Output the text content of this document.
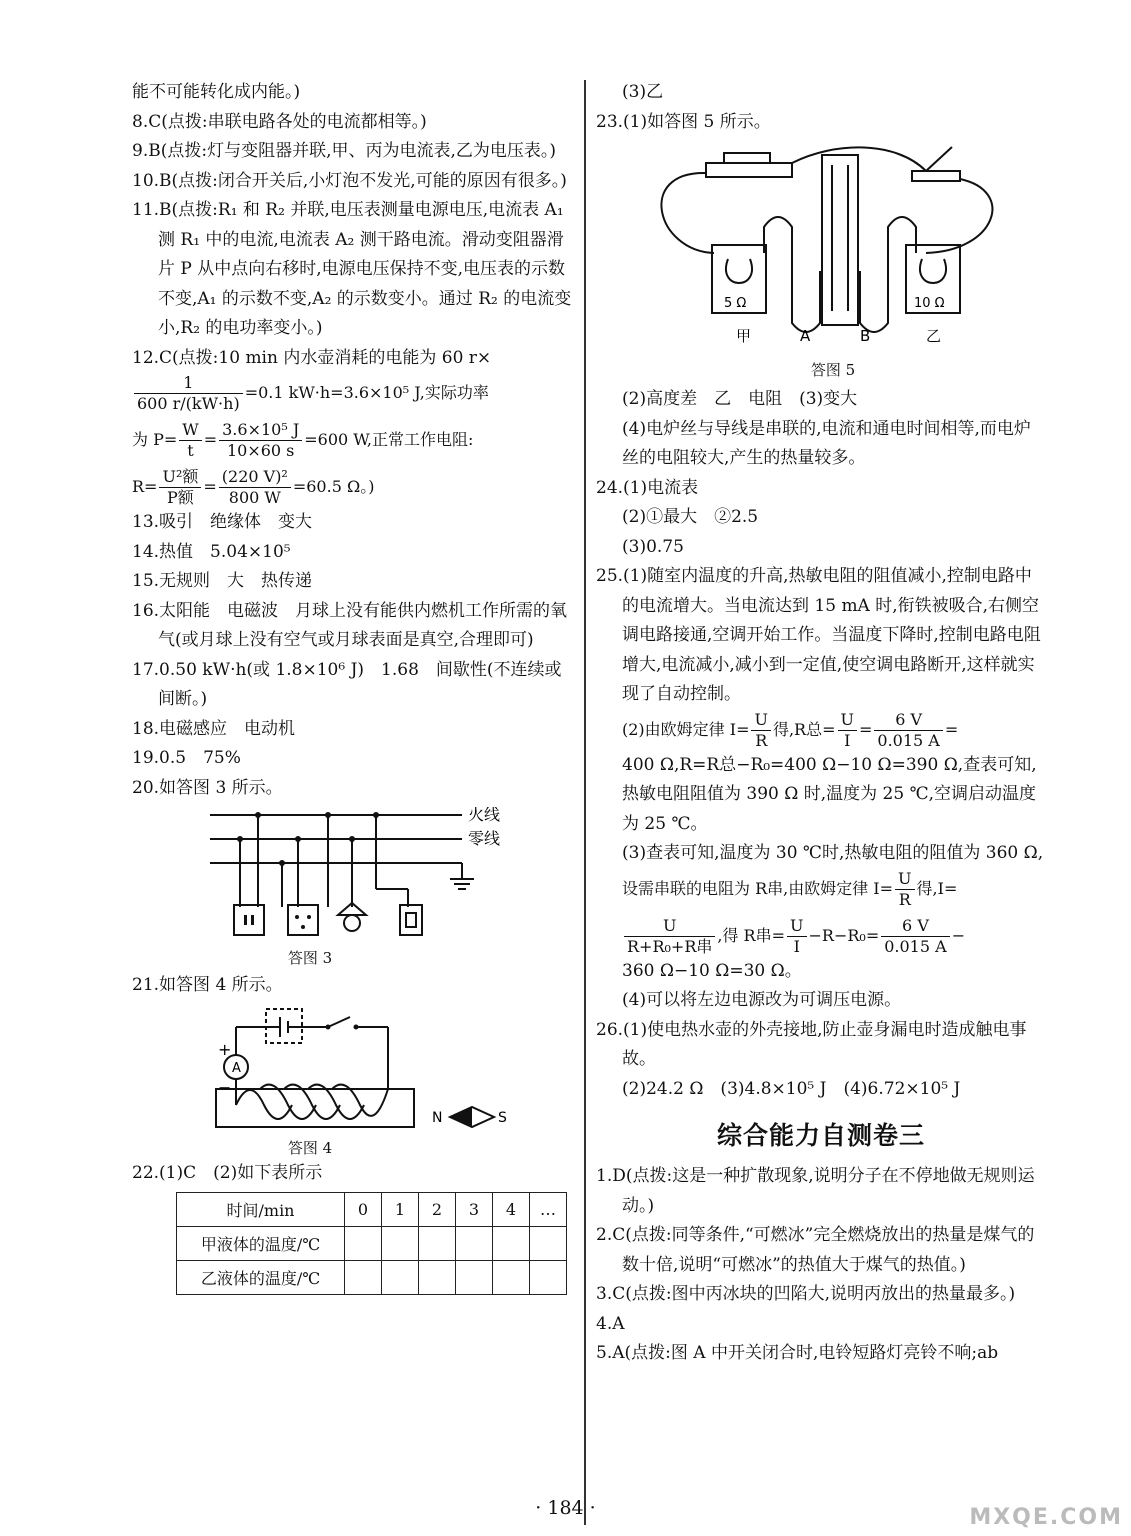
能不可能转化成内能。)

8.C(点拨:串联电路各处的电流都相等。)

9.B(点拨:灯与变阻器并联,甲、丙为电流表,乙为电压表。)

10.B(点拨:闭合开关后,小灯泡不发光,可能的原因有很多。)

11.B(点拨:R₁ 和 R₂ 并联,电压表测量电源电压,电流表 A₁ 测 R₁ 中的电流,电流表 A₂ 测干路电流。滑动变阻器滑片 P 从中点向右移时,电源电压保持不变,电压表的示数不变,A₁ 的示数不变,A₂ 的示数变小。通过 R₂ 的电流变小,R₂ 的电功率变小。)

12.C(点拨:10 min 内水壶消耗的电能为 60 r×

$\frac{1}{600 r/(kW\cdot h)} =0.1$ kW·h=3.6×10⁵ J,实际功率
为 $P= \frac{W}{t} = \frac{\text{3.6×10⁵ J}}{10\times 60 s} =600$ W,正常工作电阻:
$R= \frac{\text{U²额}}{\text{P额}} = \frac{\text{(220 V)²}}{800 W} =60.5$ Ω。)

13.吸引　绝缘体　变大

14.热值　5.04×10⁵

15.无规则　大　热传递

16.太阳能　电磁波　月球上没有能供内燃机工作所需的氧气(或月球上没有空气或月球表面是真空,合理即可)

17.0.50 kW·h(或 1.8×10⁶ J)　1.68　间歇性(不连续或间断。)

18.电磁感应　电动机

19.0.5　75%

20.如答图 3 所示。

火线
零线
答图 3

21.如答图 4 所示。

A
+
−
N	S
答图 4

22.(1)C　(2)如下表所示

时间/min	0	1	2	3	4	…
甲液体的温度/℃						
乙液体的温度/℃						

(3)乙

23.(1)如答图 5 所示。

5 Ω	10 Ω
甲	A	B	乙
答图 5

(2)高度差　乙　电阻　(3)变大

(4)电炉丝与导线是串联的,电流和通电时间相等,而电炉丝的电阻较大,产生的热量较多。

24.(1)电流表

(2)①最大　②2.5

(3)0.75

25.(1)随室内温度的升高,热敏电阻的阻值减小,控制电路中的电流增大。当电流达到 15 mA 时,衔铁被吸合,右侧空调电路接通,空调开始工作。当温度下降时,控制电路电阻增大,电流减小,减小到一定值,使空调电路断开,这样就实现了自动控制。

(2)由欧姆定律 $I= \frac{U}{R}$ 得,R总= $\frac{U}{I} = \frac{6 V}{0.015 A}$ =

400 Ω,R=R总−R₀=400 Ω−10 Ω=390 Ω,查表可知,热敏电阻阻值为 390 Ω 时,温度为 25 ℃,空调启动温度为 25 ℃。

(3)查表可知,温度为 30 ℃时,热敏电阻的阻值为 360 Ω,

设需串联的电阻为 R串,由欧姆定律 $I= \frac{U}{R}$ 得,I=
$\frac{U}{\text{R+R₀+R串}}$ ,得 R串= $\frac{U}{I} -R-R_0= \frac{6 V}{0.015 A}$ −

360 Ω−10 Ω=30 Ω。

(4)可以将左边电源改为可调压电源。

26.(1)使电热水壶的外壳接地,防止壶身漏电时造成触电事故。

(2)24.2 Ω　(3)4.8×10⁵ J　(4)6.72×10⁵ J

综合能力自测卷三

1.D(点拨:这是一种扩散现象,说明分子在不停地做无规则运动。)

2.C(点拨:同等条件,“可燃冰”完全燃烧放出的热量是煤气的数十倍,说明“可燃冰”的热值大于煤气的热值。)

3.C(点拨:图中丙冰块的凹陷大,说明丙放出的热量最多。)

4.A

5.A(点拨:图 A 中开关闭合时,电铃短路灯亮铃不响;ab

· 184 ·	MXQE.COM
